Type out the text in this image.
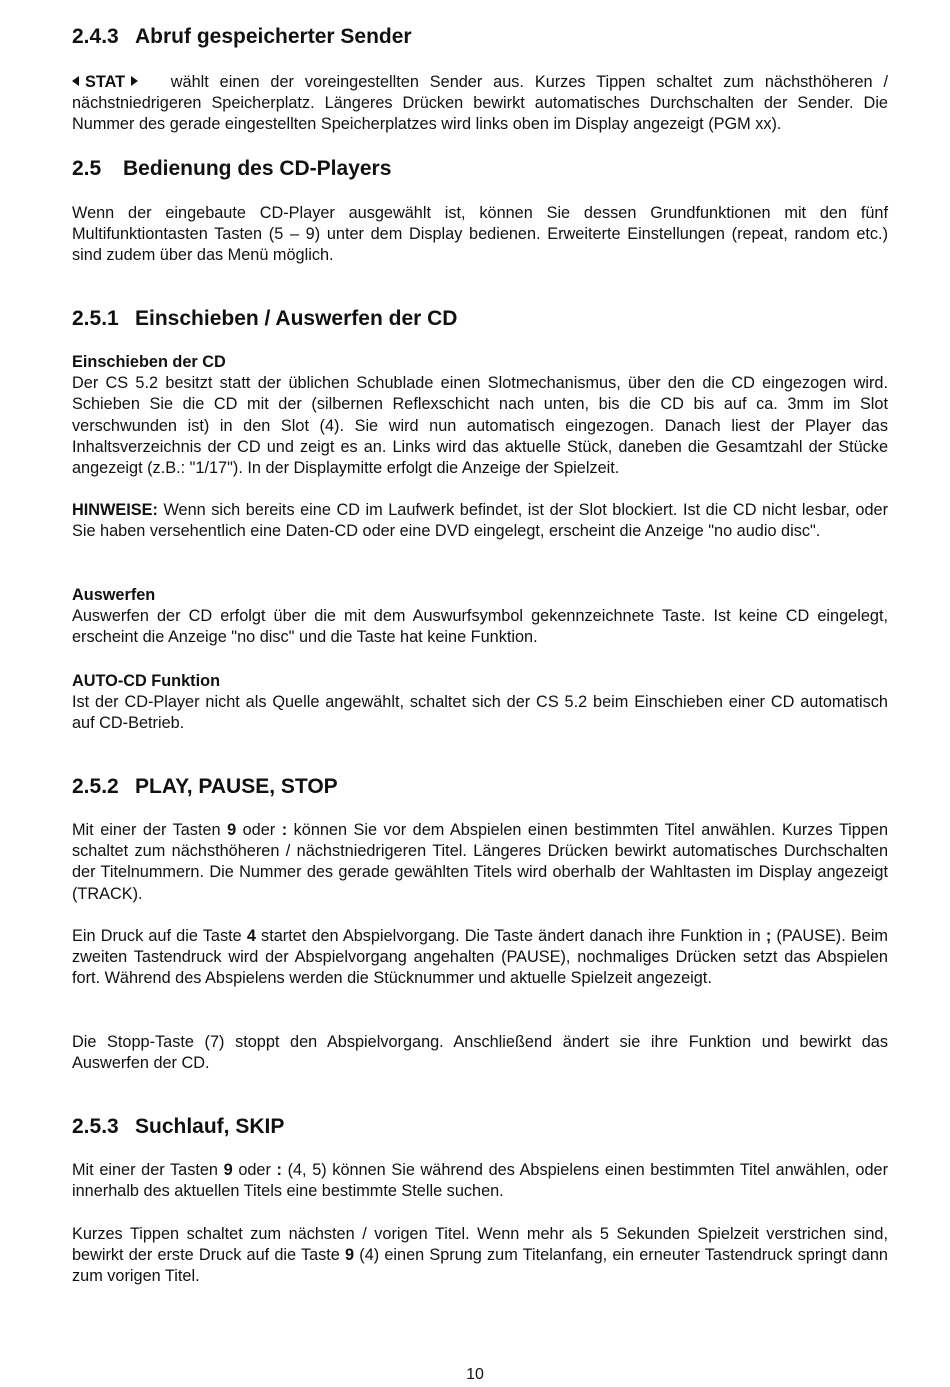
2.4.3 Abruf gespeicherter Sender

STAT	wählt einen der voreingestellten Sender aus. Kurzes Tippen schaltet zum nächsthöheren / nächstniedrigeren Speicherplatz. Längeres Drücken bewirkt automatisches Durchschalten der Sender. Die Nummer des gerade eingestellten Speicherplatzes wird links oben im Display angezeigt (PGM xx).

2.5	Bedienung des CD-Players

Wenn der eingebaute CD-Player ausgewählt ist, können Sie dessen Grundfunktionen mit den fünf Multifunktiontasten Tasten (5 – 9) unter dem Display bedienen. Erweiterte Einstellungen (repeat, random etc.) sind zudem über das Menü möglich.

2.5.1 Einschieben / Auswerfen der CD
Einschieben der CD

Der CS 5.2 besitzt statt der üblichen Schublade einen Slotmechanismus, über den die CD eingezogen wird. Schieben Sie die CD mit der (silbernen Reflexschicht nach unten, bis die CD bis auf ca. 3mm im Slot verschwunden ist) in den Slot (4). Sie wird nun automatisch eingezogen. Danach liest der Player das Inhaltsverzeichnis der CD und zeigt es an. Links wird das aktuelle Stück, daneben die Gesamtzahl der Stücke angezeigt (z.B.: "1/17"). In der Displaymitte erfolgt die Anzeige der Spielzeit.

HINWEISE: Wenn sich bereits eine CD im Laufwerk befindet, ist der Slot blockiert. Ist die CD nicht lesbar, oder Sie haben versehentlich eine Daten-CD oder eine DVD eingelegt, erscheint die Anzeige "no audio disc".

Auswerfen

Auswerfen der CD erfolgt über die mit dem Auswurfsymbol gekennzeichnete Taste. Ist keine CD eingelegt, erscheint die Anzeige "no disc" und die Taste hat keine Funktion.

AUTO-CD Funktion

Ist der CD-Player nicht als Quelle angewählt, schaltet sich der CS 5.2 beim Einschieben einer CD automatisch auf CD-Betrieb.

2.5.2 PLAY, PAUSE, STOP

Mit einer der Tasten 9 oder : können Sie vor dem Abspielen einen bestimmten Titel anwählen. Kurzes Tippen schaltet zum nächsthöheren / nächstniedrigeren Titel. Längeres Drücken bewirkt automatisches Durchschalten der Titelnummern. Die Nummer des gerade gewählten Titels wird oberhalb der Wahltasten im Display angezeigt (TRACK).

Ein Druck auf die Taste 4 startet den Abspielvorgang. Die Taste ändert danach ihre Funktion in ; (PAUSE). Beim zweiten Tastendruck wird der Abspielvorgang angehalten (PAUSE), nochmaliges Drücken setzt das Abspielen fort. Während des Abspielens werden die Stücknummer und aktuelle Spielzeit angezeigt.

Die Stopp-Taste (7) stoppt den Abspielvorgang. Anschließend ändert sie ihre Funktion und bewirkt das Auswerfen der CD.

2.5.3 Suchlauf, SKIP

Mit einer der Tasten 9 oder : (4, 5) können Sie während des Abspielens einen bestimmten Titel anwählen, oder innerhalb des aktuellen Titels eine bestimmte Stelle suchen.

Kurzes Tippen schaltet zum nächsten / vorigen Titel. Wenn mehr als 5 Sekunden Spielzeit verstrichen sind, bewirkt der erste Druck auf die Taste 9 (4) einen Sprung zum Titelanfang, ein erneuter Tastendruck springt dann zum vorigen Titel.

10
